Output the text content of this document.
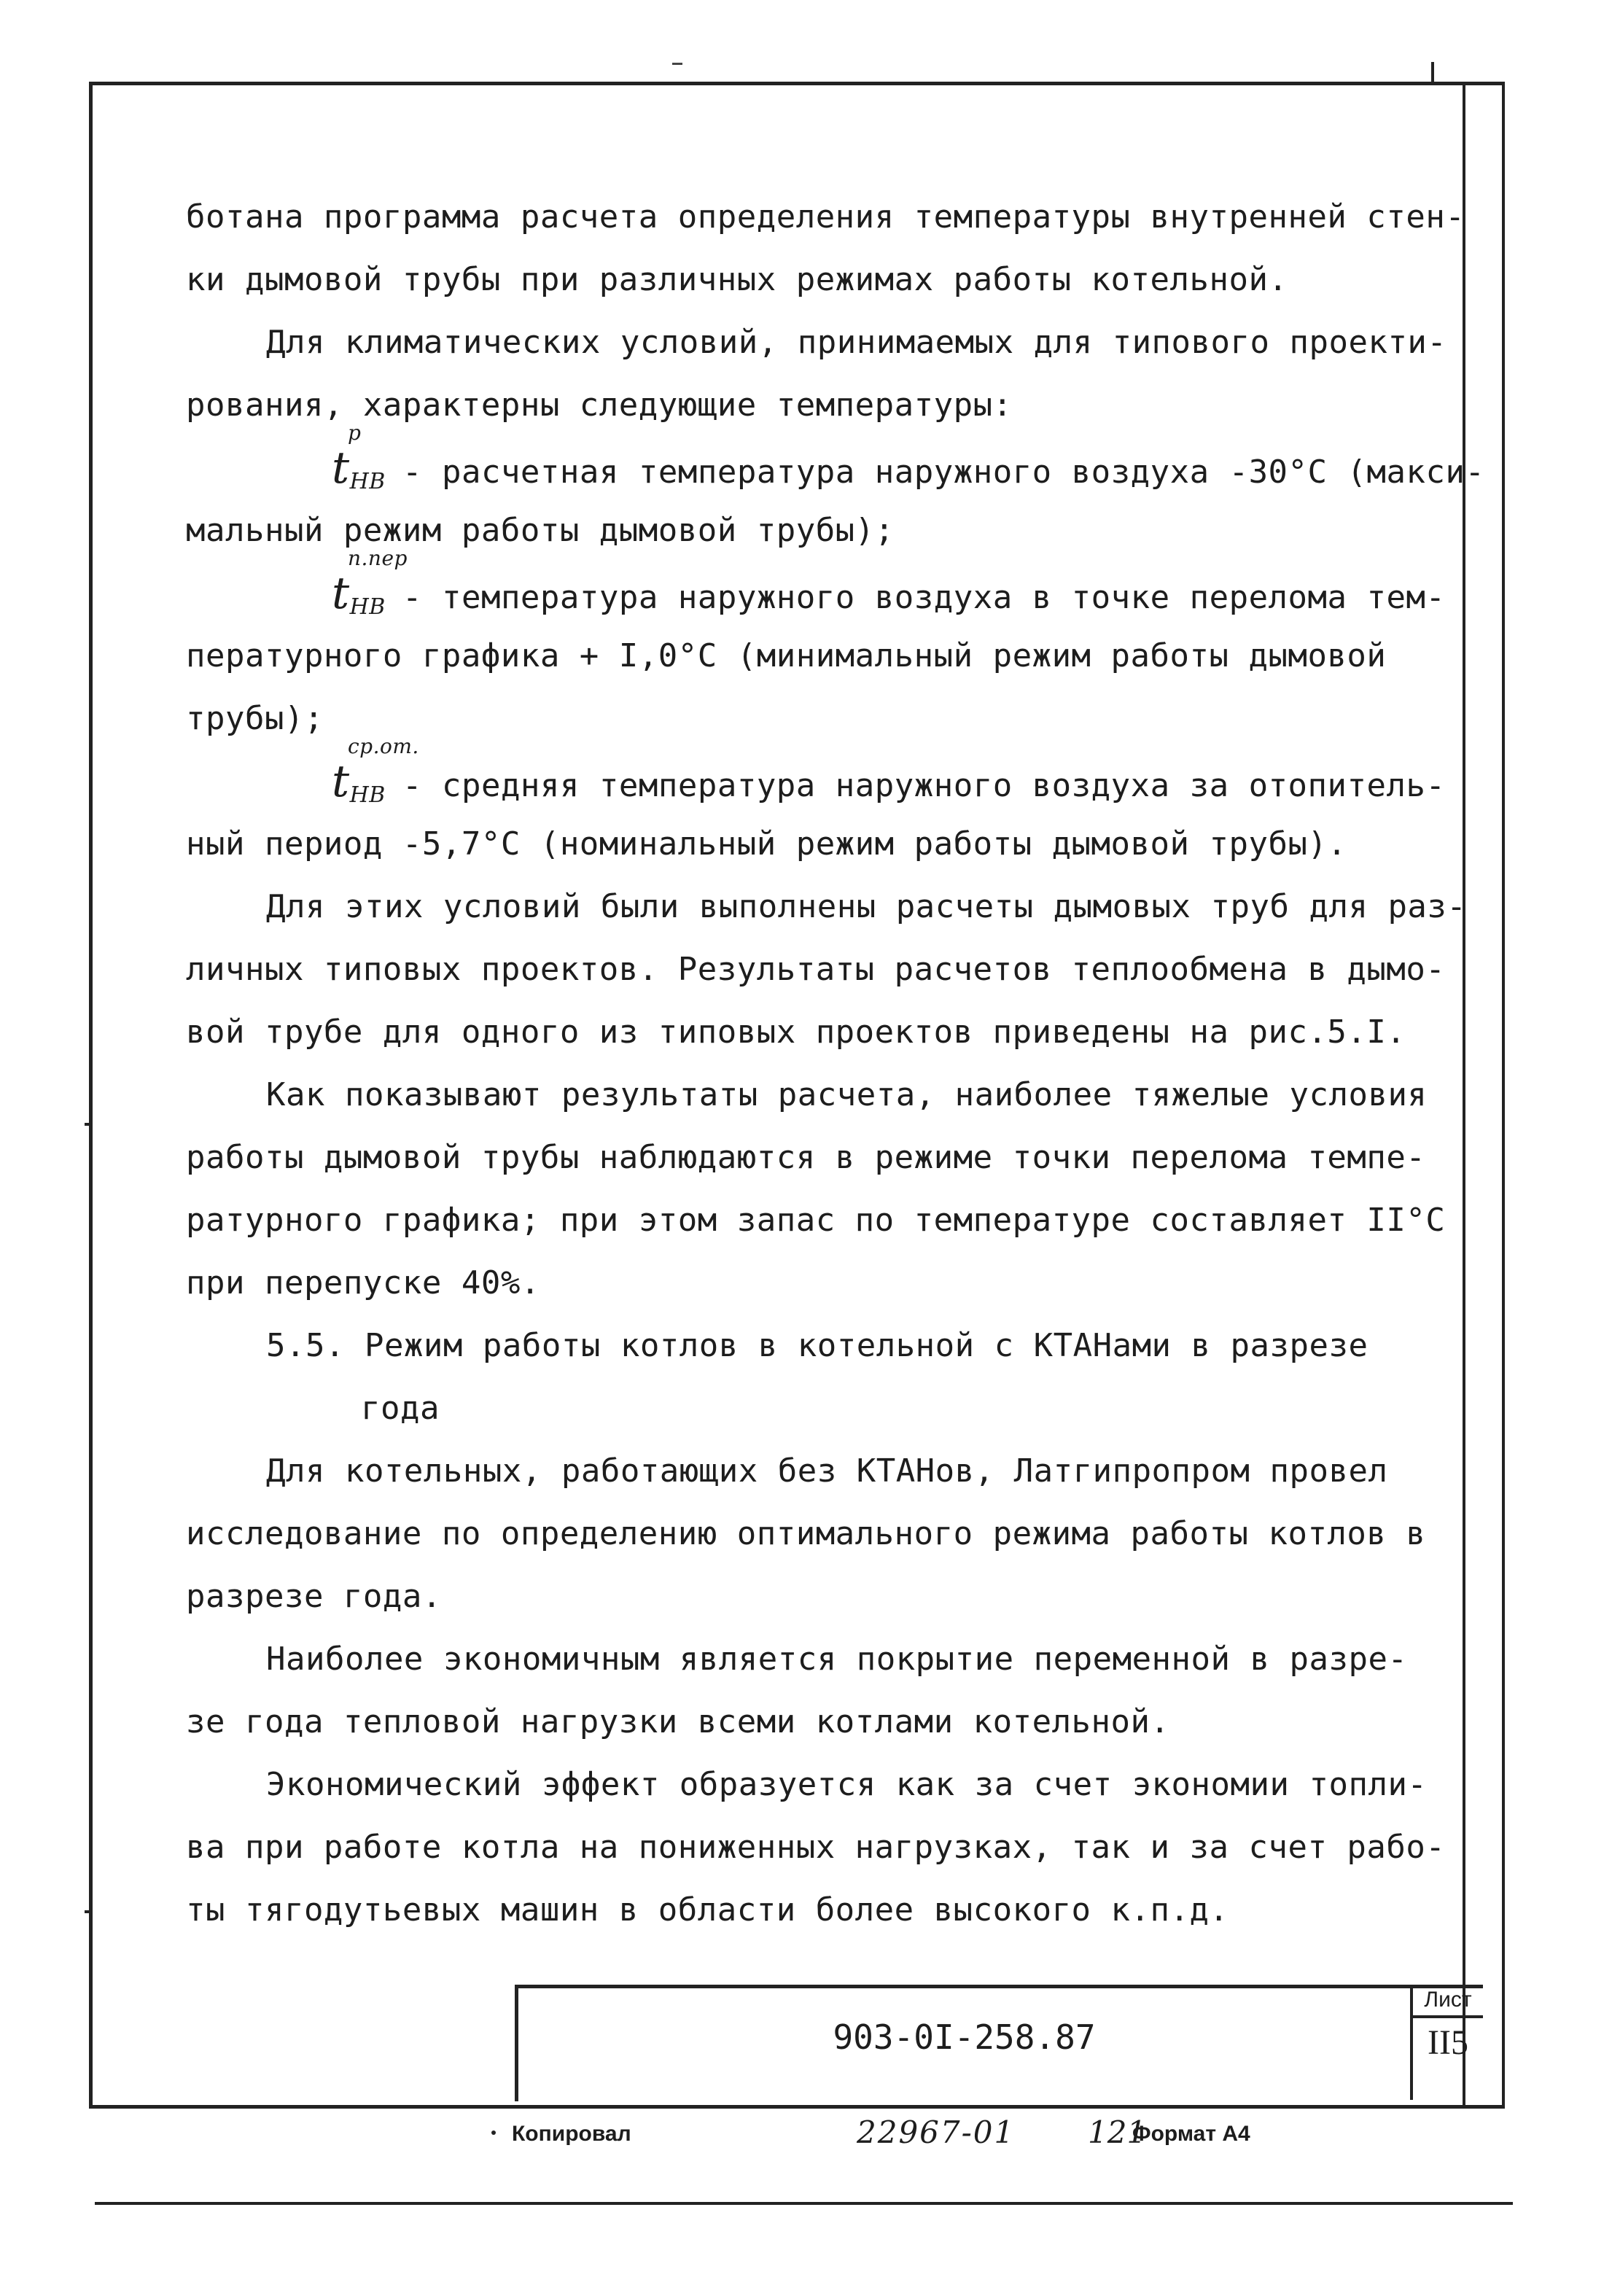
ботана программа расчета определения температуры внутренней стен-
ки дымовой трубы при различных режимах работы котельной.
Для климатических условий, принимаемых для типового проекти-
рования, характерны следующие температуры:
tНВ
р
- расчетная температура наружного воздуха -30°С (макси-
мальный режим работы дымовой трубы);
tНВ
п.пер
- температура наружного воздуха в точке перелома тем-
пературного графика + I,0°С (минимальный режим работы дымовой
трубы);
tНВ
ср.от.
- средняя температура наружного воздуха за отопитель-
ный период -5,7°С (номинальный режим работы дымовой трубы).
Для этих условий были выполнены расчеты дымовых труб для раз-
личных типовых проектов. Результаты расчетов теплообмена в дымо-
вой трубе для одного из типовых проектов приведены на рис.5.I.
Как показывают результаты расчета, наиболее тяжелые условия
работы дымовой трубы наблюдаются в режиме точки перелома темпе-
ратурного графика; при этом запас по температуре составляет II°С
при перепуске 40%.
5.5. Режим работы котлов в котельной с КТАНами в разрезе
года
Для котельных, работающих без КТАНов, Латгипропром провел
исследование по определению оптимального режима работы котлов в
разрезе года.
Наиболее экономичным является покрытие переменной в разре-
зе года тепловой нагрузки всеми котлами котельной.
Экономический эффект образуется как за счет экономии топли-
ва при работе котла на пониженных нагрузках, так и за счет рабо-
ты тягодутьевых машин в области более высокого к.п.д.
903-0I-258.87
Лист
II5
Копировал	22967-01 121
Формат А4
